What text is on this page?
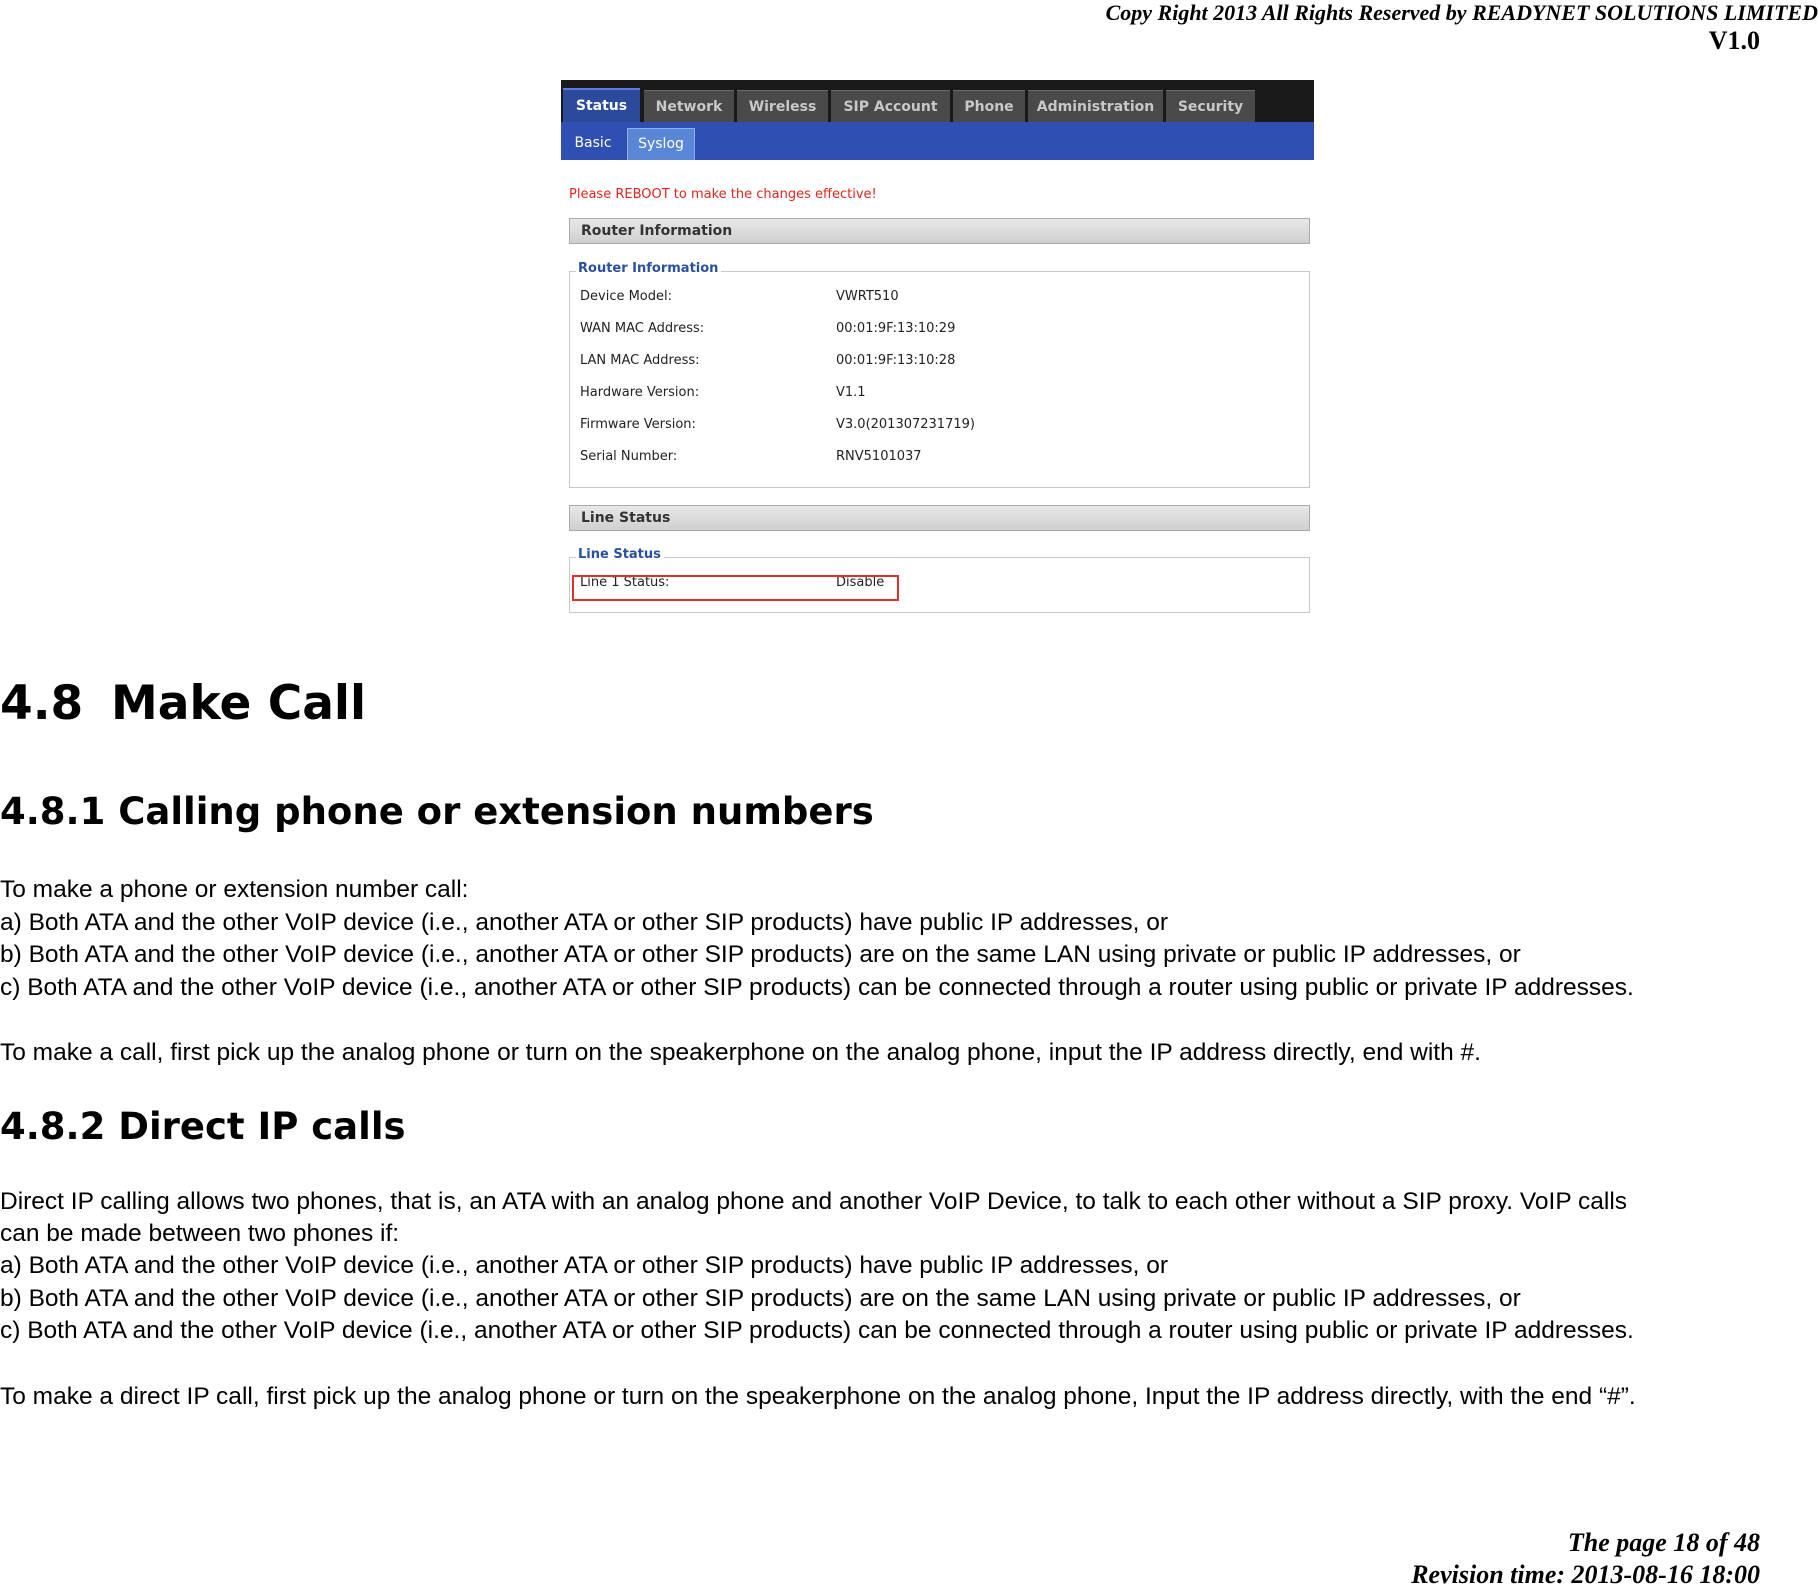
Copy Right 2013 All Rights Reserved by READYNET SOLUTIONS LIMITED
V1.0
Status	Network	Wireless	SIP Account	Phone	Administration	Security
Basic	Syslog
Please REBOOT to make the changes effective!
Router Information
Router Information
Device Model:	VWRT510
WAN MAC Address:	00:01:9F:13:10:29
LAN MAC Address:	00:01:9F:13:10:28
Hardware Version:	V1.1
Firmware Version:	V3.0(201307231719)
Serial Number:	RNV5101037
Line Status
Line Status
Line 1 Status:	Disable
4.8 Make Call
4.8.1 Calling phone or extension numbers
To make a phone or extension number call:
a) Both ATA and the other VoIP device (i.e., another ATA or other SIP products) have public IP addresses, or
b) Both ATA and the other VoIP device (i.e., another ATA or other SIP products) are on the same LAN using private or public IP addresses, or
c) Both ATA and the other VoIP device (i.e., another ATA or other SIP products) can be connected through a router using public or private IP addresses.
To make a call, first pick up the analog phone or turn on the speakerphone on the analog phone, input the IP address directly, end with #.
4.8.2 Direct IP calls
Direct IP calling allows two phones, that is, an ATA with an analog phone and another VoIP Device, to talk to each other without a SIP proxy. VoIP calls
can be made between two phones if:
a) Both ATA and the other VoIP device (i.e., another ATA or other SIP products) have public IP addresses, or
b) Both ATA and the other VoIP device (i.e., another ATA or other SIP products) are on the same LAN using private or public IP addresses, or
c) Both ATA and the other VoIP device (i.e., another ATA or other SIP products) can be connected through a router using public or private IP addresses.
To make a direct IP call, first pick up the analog phone or turn on the speakerphone on the analog phone, Input the IP address directly, with the end “#”.
The page 18 of 48
Revision time: 2013-08-16 18:00
